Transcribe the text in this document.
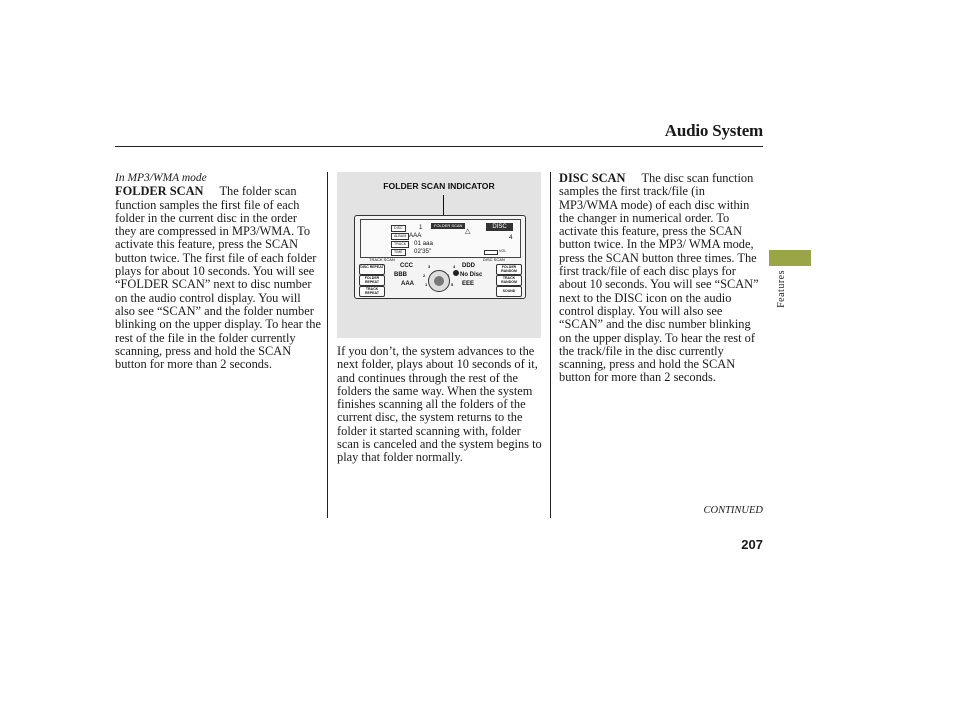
Audio System

In MP3/WMA mode

FOLDER SCAN The folder scan function samples the first file of each folder in the current disc in the order they are compressed in MP3/WMA. To activate this feature, press the SCAN button twice. The first file of each folder plays for about 10 seconds. You will see “FOLDER SCAN” next to disc number on the audio control display. You will also see “SCAN” and the folder number blinking on the upper display. To hear the rest of the file in the folder currently scanning, press and hold the SCAN button for more than 2 seconds.

FOLDER SCAN INDICATOR
DISC
ALBUM
TRACK
TIME
1	FOLDER SCAN	DISC
AAA
01 aaa
02'35"
△
4
VOL
TRACK SCAN	DISC SCAN
DISC REPEAT
FOLDER REPEAT
TRACK REPEAT
FOLDER RANDOM
TRACK RANDOM
SOUND
CCC
BBB
AAA
DDD
No Disc
EEE
3
2
1
4
5

If you don’t, the system advances to the next folder, plays about 10 seconds of it, and continues through the rest of the folders the same way. When the system finishes scanning all the folders of the current disc, the system returns to the folder it started scanning with, folder scan is canceled and the system begins to play that folder normally.

DISC SCAN The disc scan function samples the first track/file (in MP3/WMA mode) of each disc within the changer in numerical order. To activate this feature, press the SCAN button twice. In the MP3/ WMA mode, press the SCAN button three times. The first track/file of each disc plays for about 10 seconds. You will see “SCAN” next to the DISC icon on the audio control display. You will also see “SCAN” and the disc number blinking on the upper display. To hear the rest of the track/file in the disc currently scanning, press and hold the SCAN button for more than 2 seconds.

Features
CONTINUED
207
